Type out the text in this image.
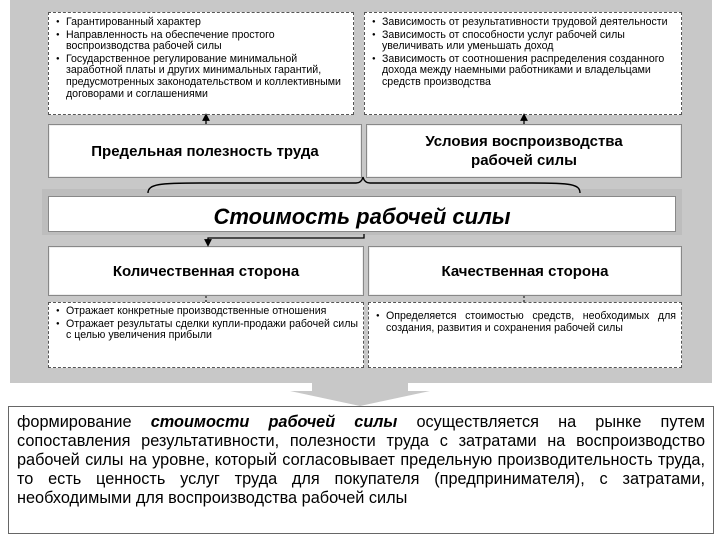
● Гарантированный характер
● Направленность на обеспечение простого воспроизводства рабочей силы
● Государственное регулирование минимальной заработной платы и других минимальных гарантий, предусмотренных законодательством и коллективными договорами и соглашениями
● Зависимость от результативности трудовой деятельности
● Зависимость от способности услуг рабочей силы увеличивать или уменьшать доход
● Зависимость от соотношения распределения созданного дохода между наемными работниками и владельцами средств производства
Предельная полезность труда
Условия воспроизводства
рабочей силы
Стоимость рабочей силы
Количественная сторона	Качественная сторона
● Отражает конкретные производственные отношения
● Отражает результаты сделки купли-продажи рабочей силы с целью увеличения прибыли
● Определяется стоимостью средств, необходимых для создания, развития и сохранения рабочей силы
формирование стоимости рабочей силы осуществляется на рынке путем сопоставления результативности, полезности труда с затратами на воспроизводство рабочей силы на уровне, который согласовывает предельную производительность труда, то есть ценность услуг труда для покупателя (предпринимателя), с затратами, необходимыми для воспроизводства рабочей силы
